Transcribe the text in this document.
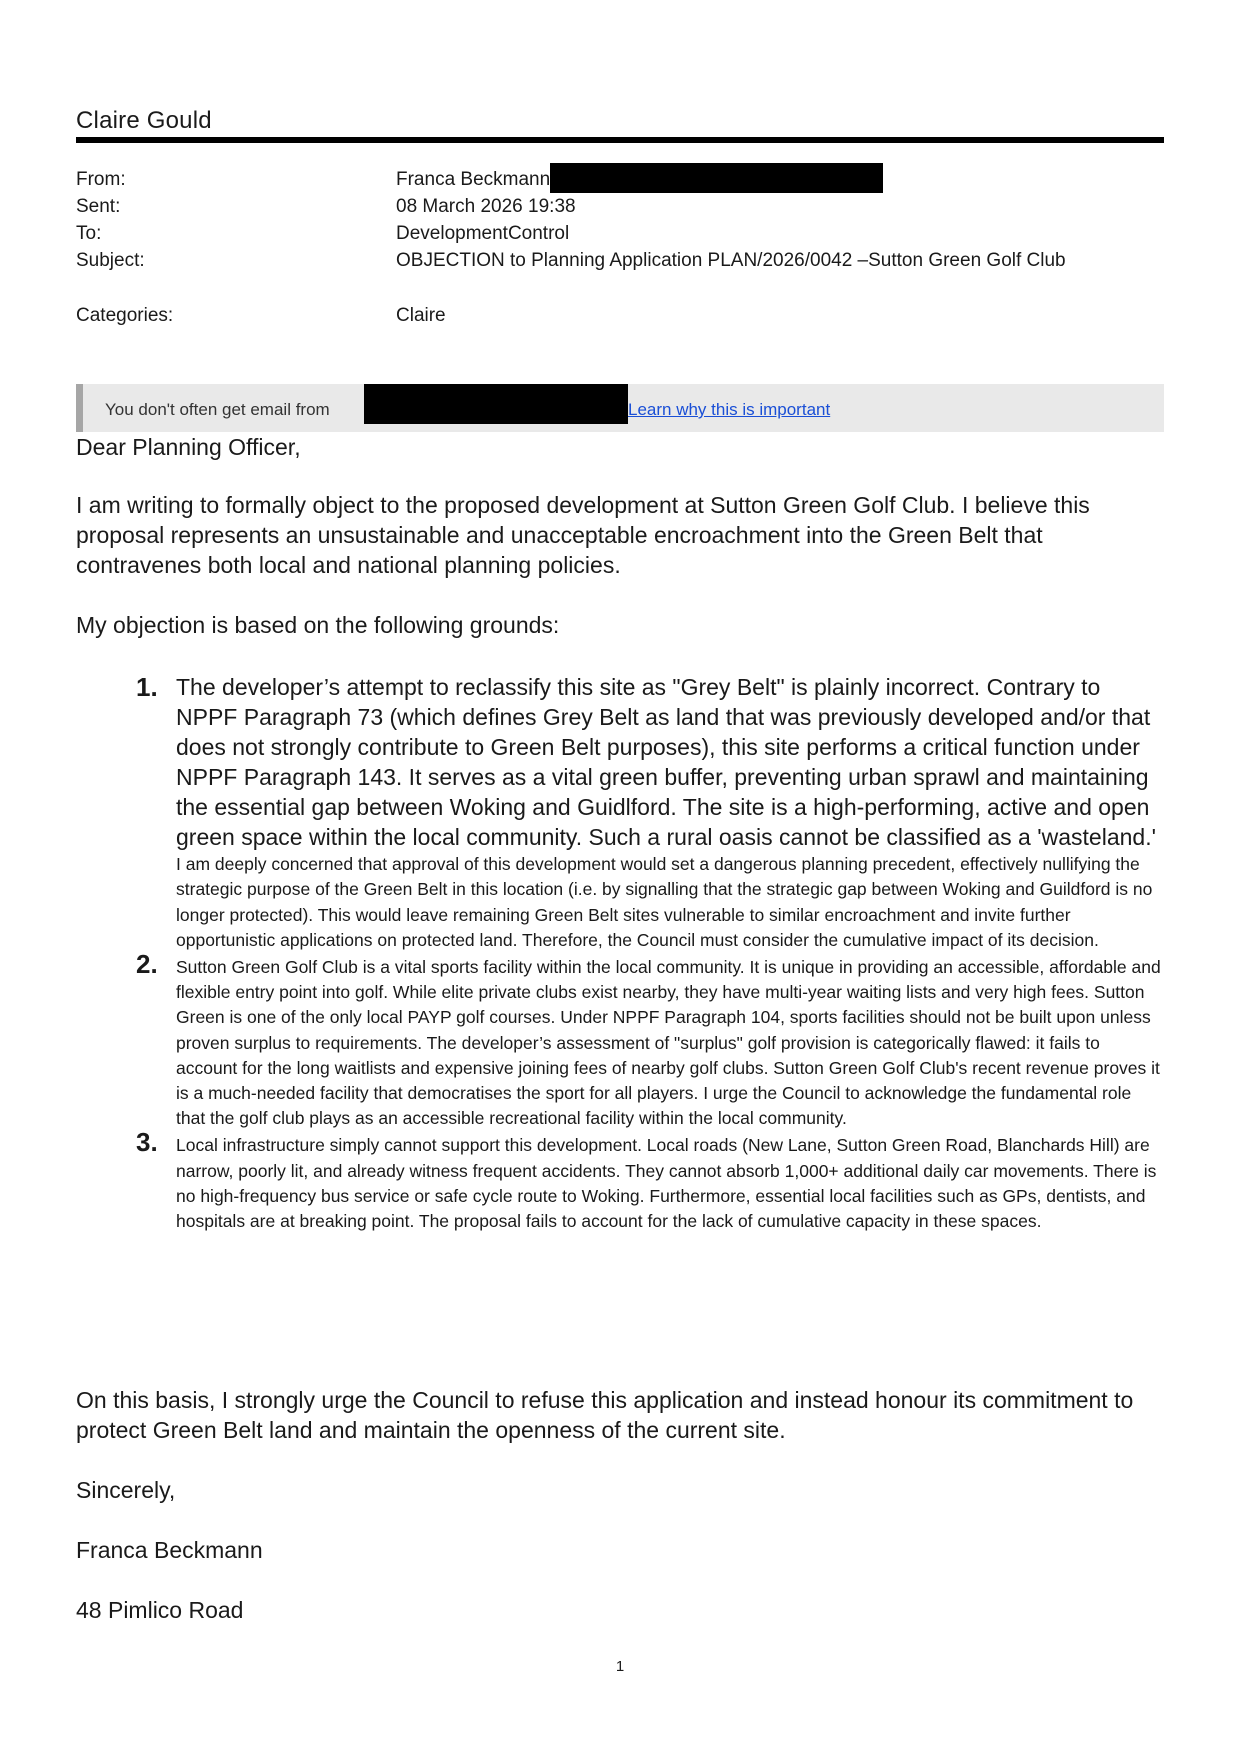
Claire Gould
From:	Franca Beckmann
Sent:	08 March 2026 19:38
To:	DevelopmentControl
Subject:	OBJECTION to Planning Application PLAN/2026/0042 –Sutton Green Golf Club
Categories:	Claire
You don't often get email from	Learn why this is important
Dear Planning Officer,
I am writing to formally object to the proposed development at Sutton Green Golf Club. I believe this proposal represents an unsustainable and unacceptable encroachment into the Green Belt that contravenes both local and national planning policies.
My objection is based on the following grounds:
1. The developer’s attempt to reclassify this site as "Grey Belt" is plainly incorrect. Contrary to NPPF Paragraph 73 (which defines Grey Belt as land that was previously developed and/or that does not strongly contribute to Green Belt purposes), this site performs a critical function under NPPF Paragraph 143. It serves as a vital green buffer, preventing urban sprawl and maintaining the essential gap between Woking and Guidlford. The site is a high-performing, active and open green space within the local community. Such a rural oasis cannot be classified as a 'wasteland.' I am deeply concerned that approval of this development would set a dangerous planning precedent, effectively nullifying the strategic purpose of the Green Belt in this location (i.e. by signalling that the strategic gap between Woking and Guildford is no longer protected). This would leave remaining Green Belt sites vulnerable to similar encroachment and invite further opportunistic applications on protected land. Therefore, the Council must consider the cumulative impact of its decision.
2. Sutton Green Golf Club is a vital sports facility within the local community. It is unique in providing an accessible, affordable and flexible entry point into golf. While elite private clubs exist nearby, they have multi-year waiting lists and very high fees. Sutton Green is one of the only local PAYP golf courses. Under NPPF Paragraph 104, sports facilities should not be built upon unless proven surplus to requirements. The developer’s assessment of "surplus" golf provision is categorically flawed: it fails to account for the long waitlists and expensive joining fees of nearby golf clubs. Sutton Green Golf Club's recent revenue proves it is a much-needed facility that democratises the sport for all players. I urge the Council to acknowledge the fundamental role that the golf club plays as an accessible recreational facility within the local community.
3. Local infrastructure simply cannot support this development. Local roads (New Lane, Sutton Green Road, Blanchards Hill) are narrow, poorly lit, and already witness frequent accidents. They cannot absorb 1,000+ additional daily car movements. There is no high-frequency bus service or safe cycle route to Woking. Furthermore, essential local facilities such as GPs, dentists, and hospitals are at breaking point. The proposal fails to account for the lack of cumulative capacity in these spaces.
On this basis, I strongly urge the Council to refuse this application and instead honour its commitment to protect Green Belt land and maintain the openness of the current site.
Sincerely,
Franca Beckmann
48 Pimlico Road
1
